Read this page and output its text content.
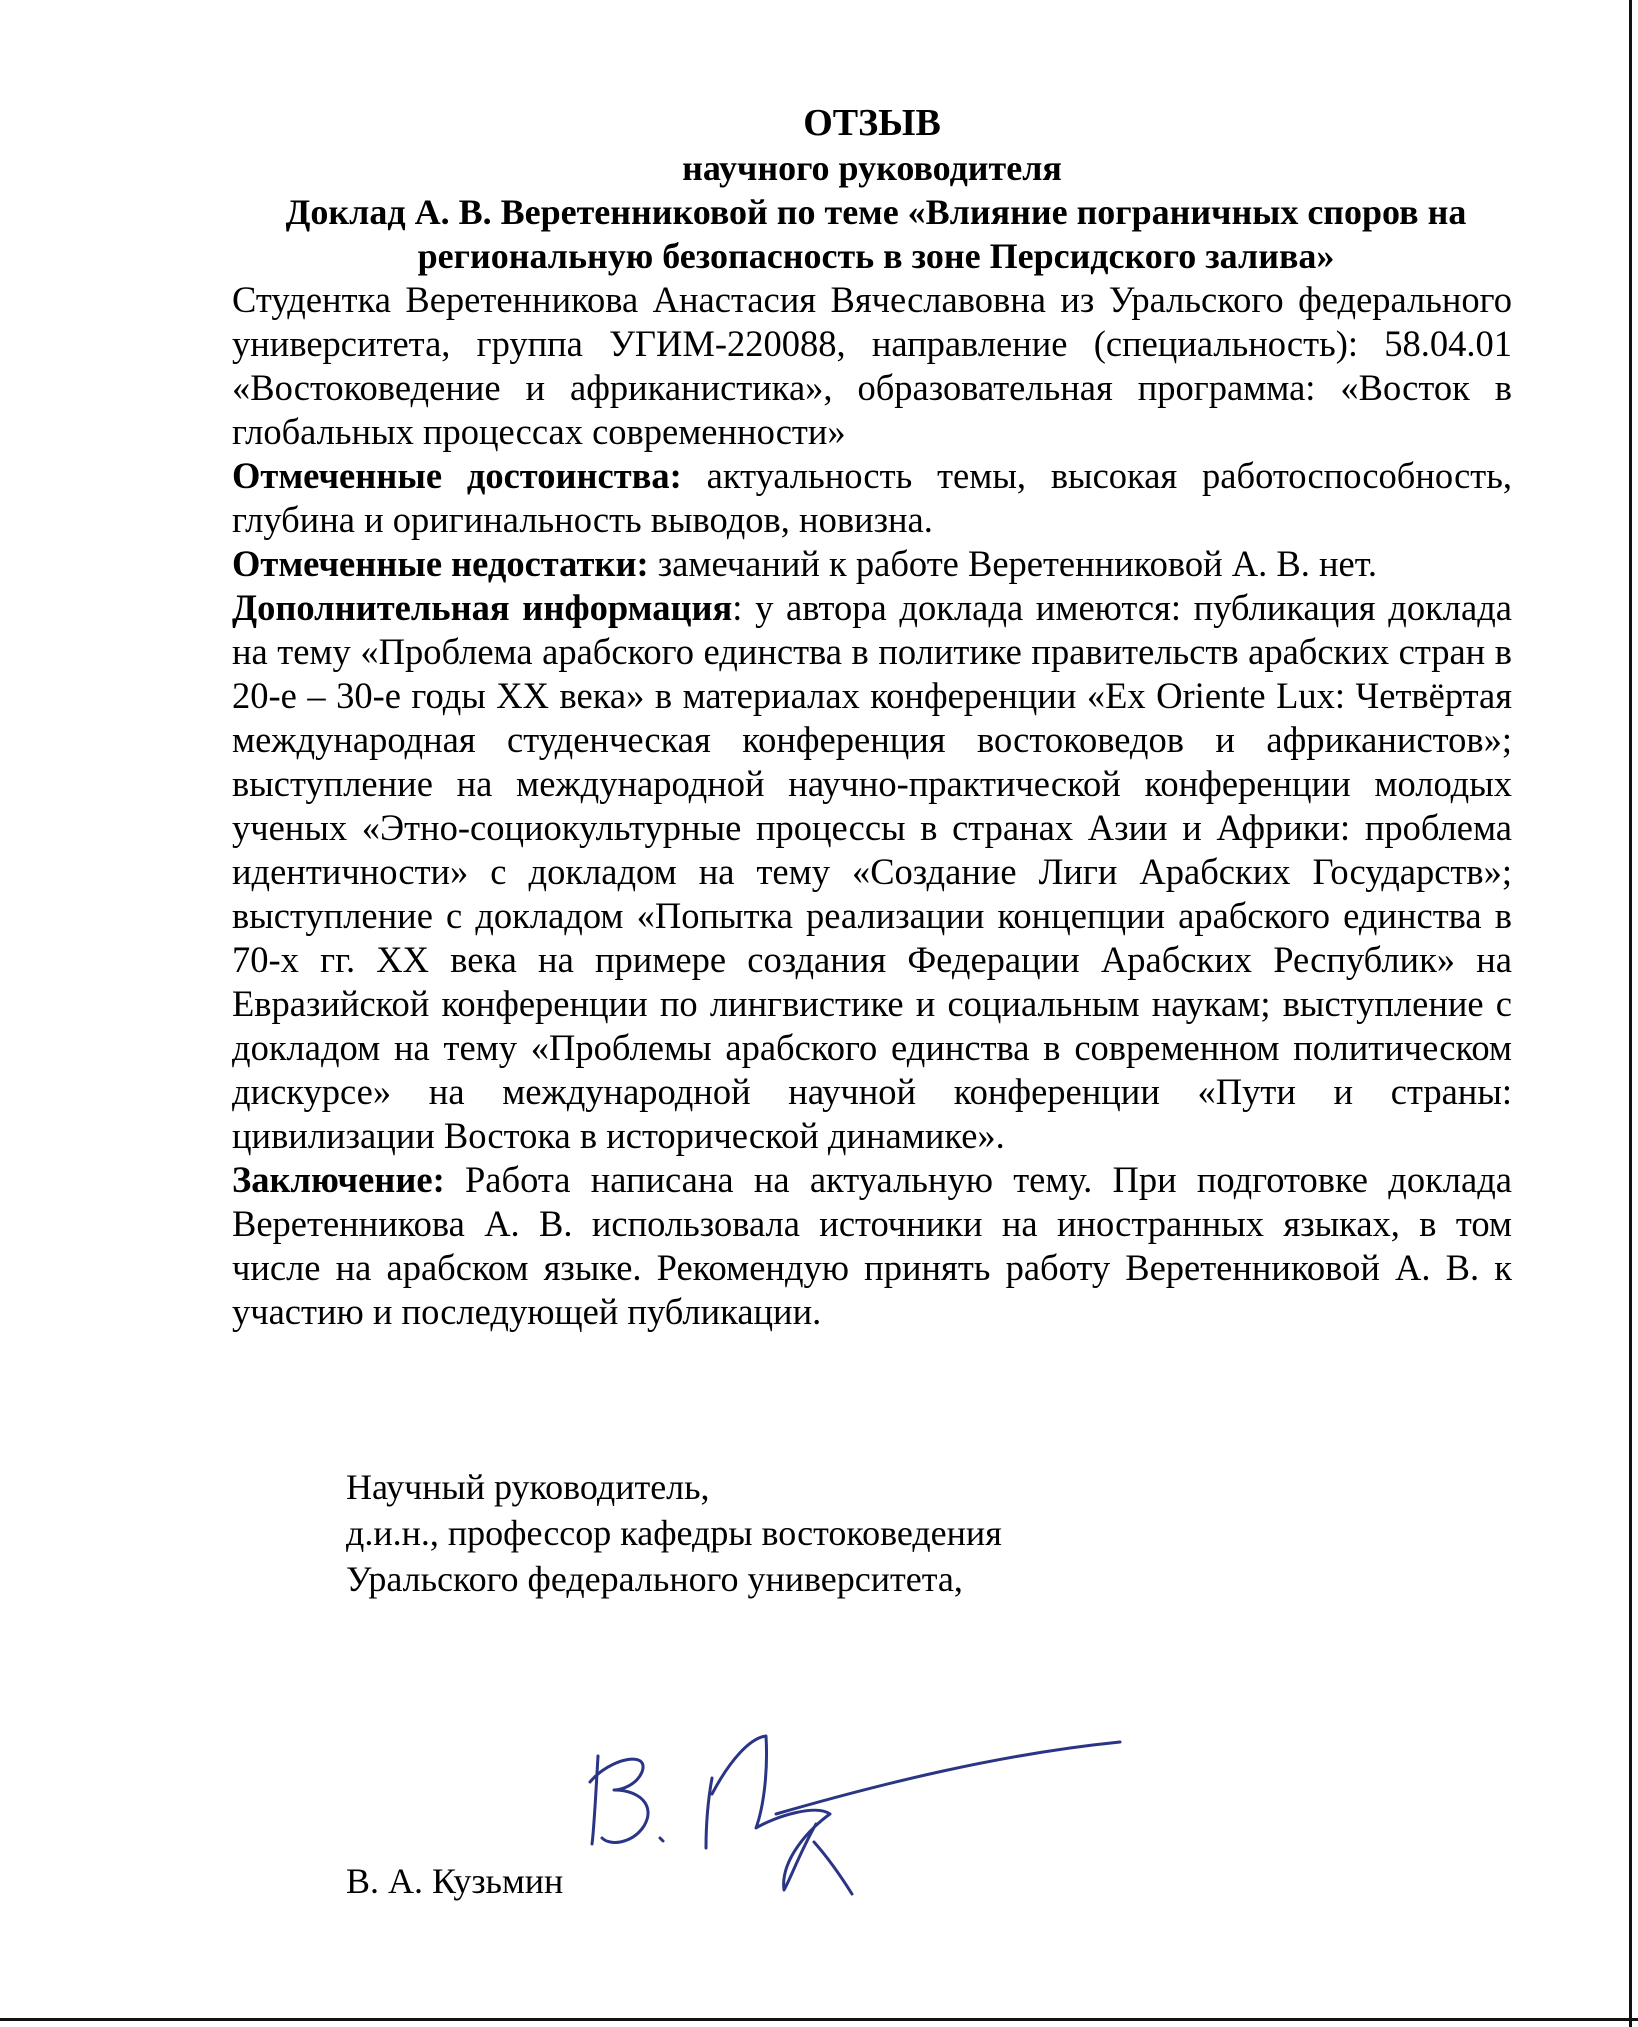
ОТЗЫВ

научного руководителя

Доклад А. В. Веретенниковой по теме «Влияние пограничных споров на региональную безопасность в зоне Персидского залива»

Студентка Веретенникова Анастасия Вячеславовна из Уральского федерального университета, группа УГИМ-220088, направление (специальность): 58.04.01 «Востоковедение и африканистика», образовательная программа: «Восток в глобальных процессах современности»

Отмеченные достоинства: актуальность темы, высокая работоспособность, глубина и оригинальность выводов, новизна.

Отмеченные недостатки: замечаний к работе Веретенниковой А. В. нет.

Дополнительная информация: у автора доклада имеются: публикация доклада на тему «Проблема арабского единства в политике правительств арабских стран в 20-е – 30-е годы XX века» в материалах конференции «Ex Oriente Lux: Четвёртая международная студенческая конференция востоковедов и африканистов»; выступление на международной научно-практической конференции молодых ученых «Этно-социокультурные процессы в странах Азии и Африки: проблема идентичности» с докладом на тему «Создание Лиги Арабских Государств»; выступление с докладом «Попытка реализации концепции арабского единства в 70-х гг. XX века на примере создания Федерации Арабских Республик» на Евразийской конференции по лингвистике и социальным наукам; выступление с докладом на тему «Проблемы арабского единства в современном политическом дискурсе» на международной научной конференции «Пути и страны: цивилизации Востока в исторической динамике».

Заключение: Работа написана на актуальную тему. При подготовке доклада Веретенникова А. В. использовала источники на иностранных языках, в том числе на арабском языке. Рекомендую принять работу Веретенниковой А. В. к участию и последующей публикации.

Научный руководитель,
д.и.н., профессор кафедры востоковедения
Уральского федерального университета,
В. А. Кузьмин
